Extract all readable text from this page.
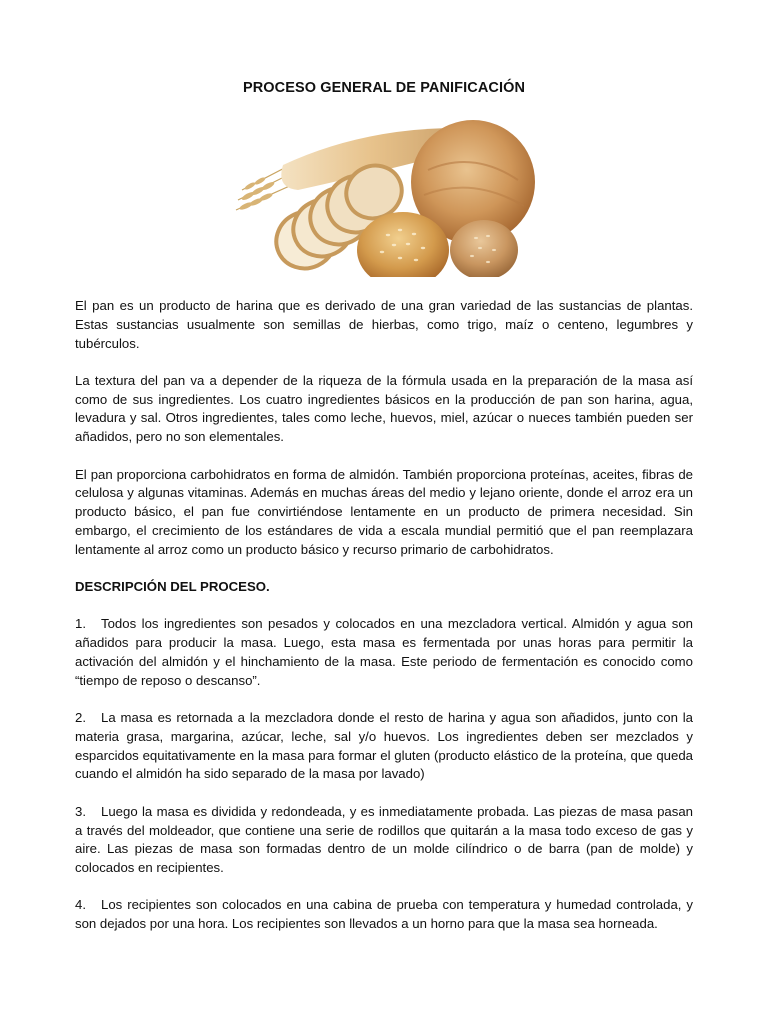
PROCESO GENERAL DE PANIFICACIÓN

El pan es un producto de harina que es derivado de una gran variedad de las sustancias de plantas. Estas sustancias usualmente son semillas de hierbas, como trigo, maíz o centeno, legumbres y tubérculos.

La textura del pan va a depender de la riqueza de la fórmula usada en la preparación de la masa así como de sus ingredientes. Los cuatro ingredientes básicos en la producción de pan son harina, agua, levadura y sal. Otros ingredientes, tales como leche, huevos, miel, azúcar o nueces también pueden ser añadidos, pero no son elementales.

El pan proporciona carbohidratos en forma de almidón. También proporciona proteínas, aceites, fibras de celulosa y algunas vitaminas. Además en muchas áreas del medio y lejano oriente, donde el arroz era un producto básico, el pan fue convirtiéndose lentamente en un producto de primera necesidad. Sin embargo, el crecimiento de los estándares de vida a escala mundial permitió que el pan reemplazara lentamente al arroz como un producto básico y recurso primario de carbohidratos.

DESCRIPCIÓN DEL PROCESO.

1. Todos los ingredientes son pesados y colocados en una mezcladora vertical. Almidón y agua son añadidos para producir la masa. Luego, esta masa es fermentada por unas horas para permitir la activación del almidón y el hinchamiento de la masa. Este periodo de fermentación es conocido como “tiempo de reposo o descanso”.

2. La masa es retornada a la mezcladora donde el resto de harina y agua son añadidos, junto con la materia grasa, margarina, azúcar, leche, sal y/o huevos. Los ingredientes deben ser mezclados y esparcidos equitativamente en la masa para formar el gluten (producto elástico de la proteína, que queda cuando el almidón ha sido separado de la masa por lavado)

3. Luego la masa es dividida y redondeada, y es inmediatamente probada. Las piezas de masa pasan a través del moldeador, que contiene una serie de rodillos que quitarán a la masa todo exceso de gas y aire. Las piezas de masa son formadas dentro de un molde cilíndrico o de barra (pan de molde) y colocados en recipientes.

4. Los recipientes son colocados en una cabina de prueba con temperatura y humedad controlada, y son dejados por una hora. Los recipientes son llevados a un horno para que la masa sea horneada.
